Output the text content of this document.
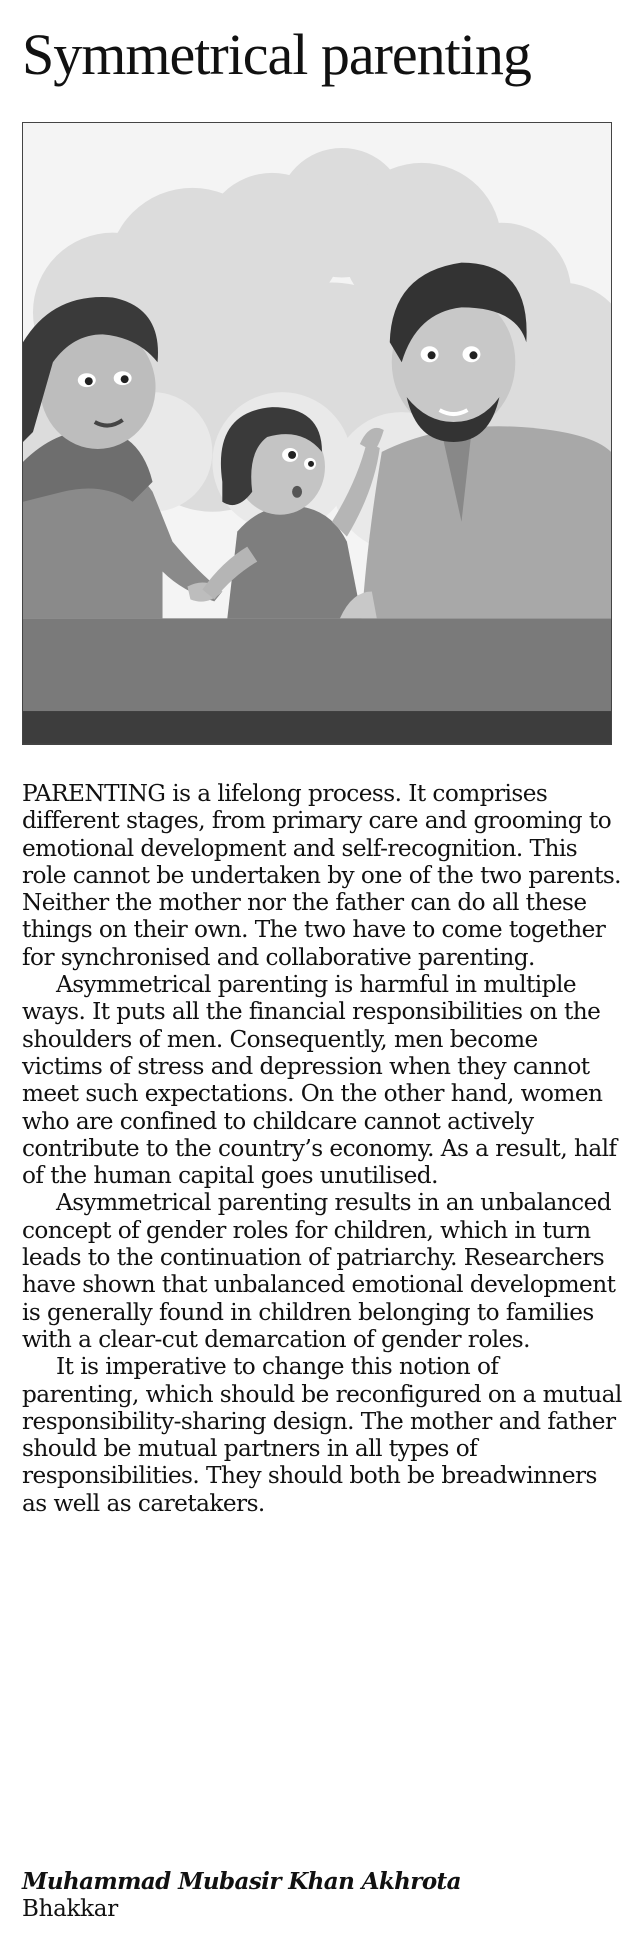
Symmetrical parenting

PARENTING is a lifelong process. It comprises different stages, from primary care and grooming to emotional development and self-recognition. This role cannot be undertaken by one of the two parents. Neither the mother nor the father can do all these things on their own. The two have to come together for synchronised and collaborative parenting.

Asymmetrical parenting is harmful in multiple ways. It puts all the financial responsibilities on the shoulders of men. Consequently, men become victims of stress and depression when they cannot meet such expectations. On the other hand, women who are confined to childcare cannot actively contribute to the country’s economy. As a result, half of the human capital goes unutilised.

Asymmetrical parenting results in an unbalanced concept of gender roles for children, which in turn leads to the continuation of patriarchy. Researchers have shown that unbalanced emotional development is generally found in children belonging to families with a clear-cut demarcation of gender roles.

It is imperative to change this notion of parenting, which should be reconfigured on a mutual responsibility-sharing design. The mother and father should be mutual partners in all types of responsibilities. They should both be breadwinners as well as caretakers.

Muhammad Mubasir Khan Akhrota
Bhakkar
